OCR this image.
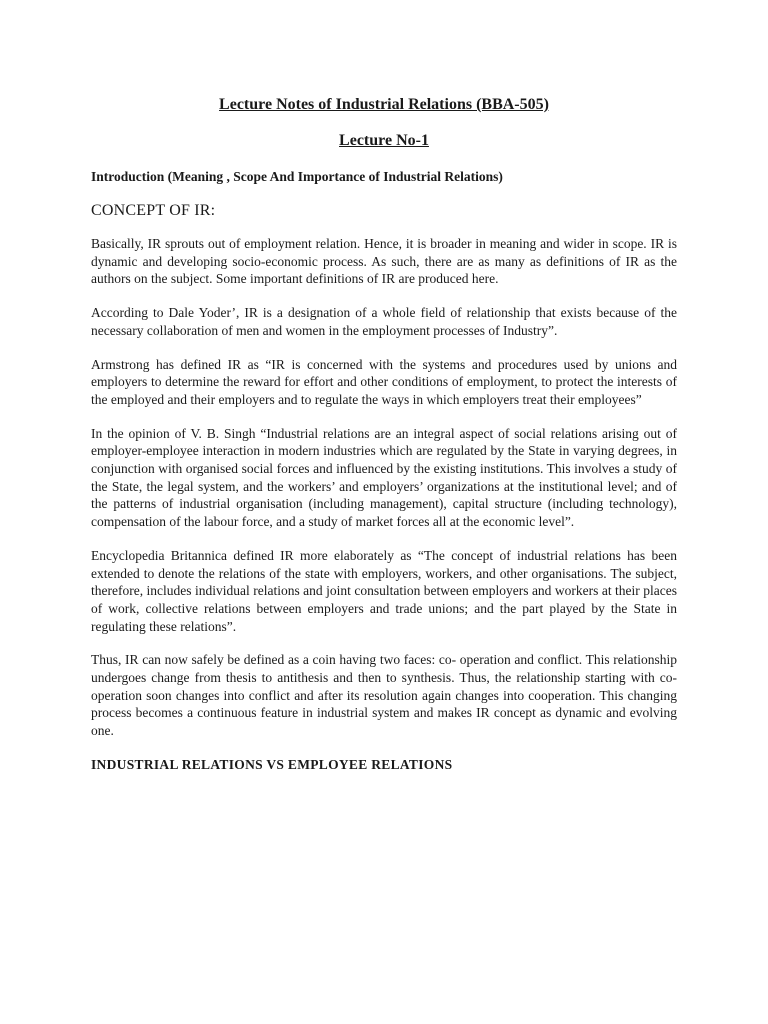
Lecture Notes of Industrial Relations (BBA-505)
Lecture No-1
Introduction (Meaning , Scope And Importance of Industrial Relations)
CONCEPT OF IR:

Basically, IR sprouts out of employment relation. Hence, it is broader in meaning and wider in scope. IR is dynamic and developing socio-economic process. As such, there are as many as definitions of IR as the authors on the subject. Some important definitions of IR are produced here.

According to Dale Yoder’, IR is a designation of a whole field of relationship that exists because of the necessary collaboration of men and women in the employment processes of Industry”.

Armstrong has defined IR as “IR is concerned with the systems and procedures used by unions and employers to determine the reward for effort and other conditions of employment, to protect the interests of the employed and their employers and to regulate the ways in which employers treat their employees”

In the opinion of V. B. Singh “Industrial relations are an integral aspect of social relations arising out of employer-employee interaction in modern industries which are regulated by the State in varying degrees, in conjunction with organised social forces and influenced by the existing institutions. This involves a study of the State, the legal system, and the workers’ and employers’ organizations at the institutional level; and of the patterns of industrial organisation (including management), capital structure (including technology), compensation of the labour force, and a study of market forces all at the economic level”.

Encyclopedia Britannica defined IR more elaborately as “The concept of industrial relations has been extended to denote the relations of the state with employers, workers, and other organisations. The subject, therefore, includes individual relations and joint consultation between employers and workers at their places of work, collective relations between employers and trade unions; and the part played by the State in regulating these relations”.

Thus, IR can now safely be defined as a coin having two faces: co- operation and conflict. This relationship undergoes change from thesis to antithesis and then to synthesis. Thus, the relationship starting with co-operation soon changes into conflict and after its resolution again changes into cooperation. This changing process becomes a continuous feature in industrial system and makes IR concept as dynamic and evolving one.

INDUSTRIAL RELATIONS VS EMPLOYEE RELATIONS
